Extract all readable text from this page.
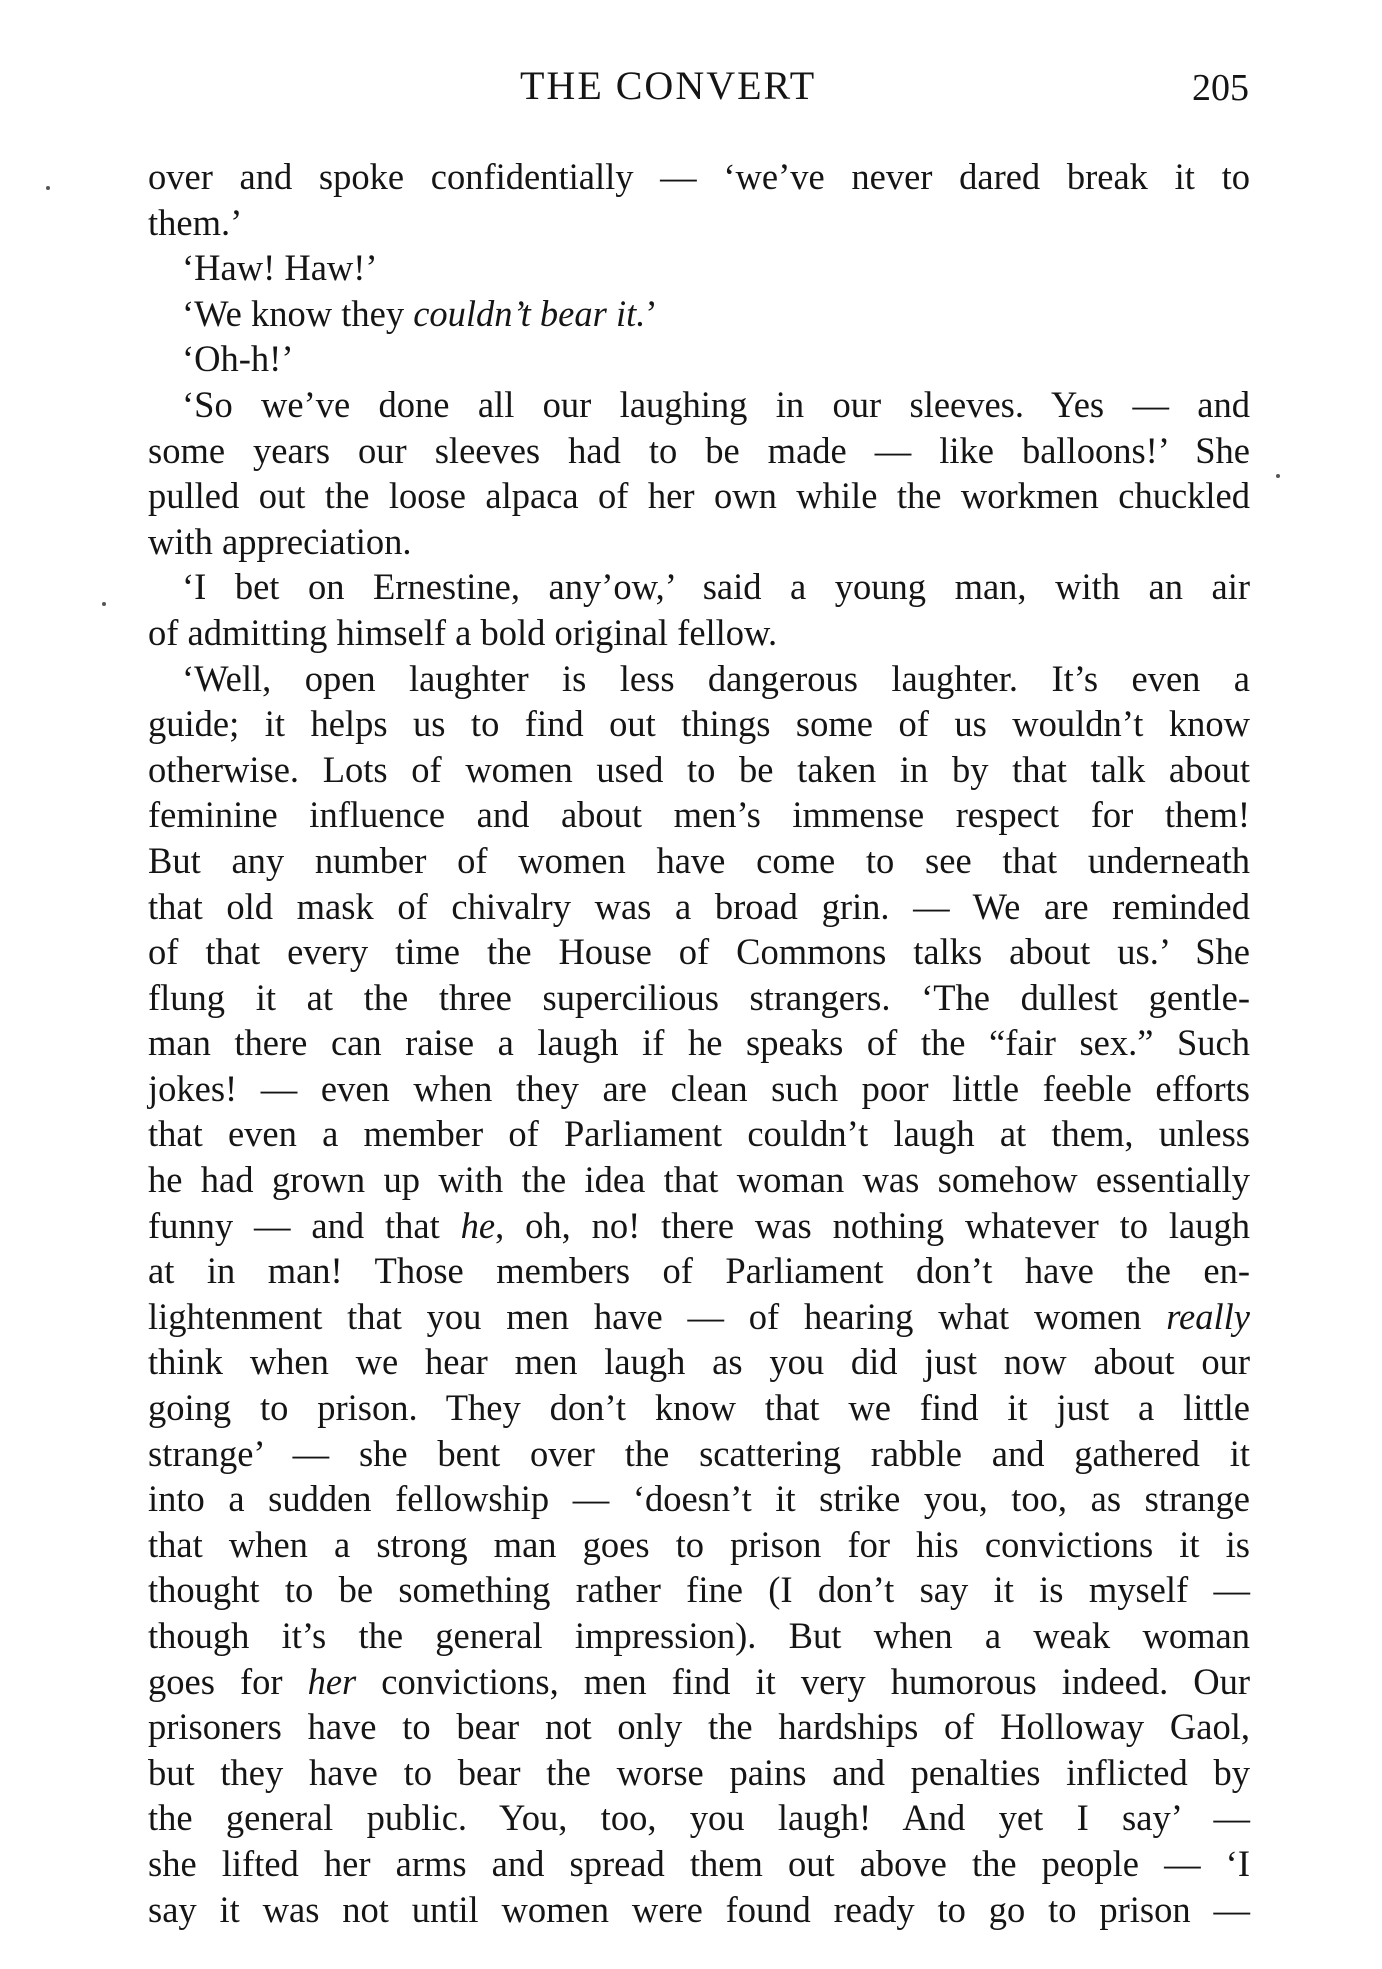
THE CONVERT	205
over and spoke confidentially — ‘we’ve never dared break it to
them.’
‘Haw! Haw!’
‘We know they couldn’t bear it.’
‘Oh-h!’
‘So we’ve done all our laughing in our sleeves. Yes — and
some years our sleeves had to be made — like balloons!’ She
pulled out the loose alpaca of her own while the workmen chuckled
with appreciation.
‘I bet on Ernestine, any’ow,’ said a young man, with an air
of admitting himself a bold original fellow.
‘Well, open laughter is less dangerous laughter. It’s even a
guide; it helps us to find out things some of us wouldn’t know
otherwise. Lots of women used to be taken in by that talk about
feminine influence and about men’s immense respect for them!
But any number of women have come to see that underneath
that old mask of chivalry was a broad grin. — We are reminded
of that every time the House of Commons talks about us.’ She
flung it at the three supercilious strangers. ‘The dullest gentle-
man there can raise a laugh if he speaks of the “fair sex.” Such
jokes! — even when they are clean such poor little feeble efforts
that even a member of Parliament couldn’t laugh at them, unless
he had grown up with the idea that woman was somehow essentially
funny — and that he, oh, no! there was nothing whatever to laugh
at in man! Those members of Parliament don’t have the en-
lightenment that you men have — of hearing what women really
think when we hear men laugh as you did just now about our
going to prison. They don’t know that we find it just a little
strange’ — she bent over the scattering rabble and gathered it
into a sudden fellowship — ‘doesn’t it strike you, too, as strange
that when a strong man goes to prison for his convictions it is
thought to be something rather fine (I don’t say it is myself —
though it’s the general impression). But when a weak woman
goes for her convictions, men find it very humorous indeed. Our
prisoners have to bear not only the hardships of Holloway Gaol,
but they have to bear the worse pains and penalties inflicted by
the general public. You, too, you laugh! And yet I say’ —
she lifted her arms and spread them out above the people — ‘I
say it was not until women were found ready to go to prison —
